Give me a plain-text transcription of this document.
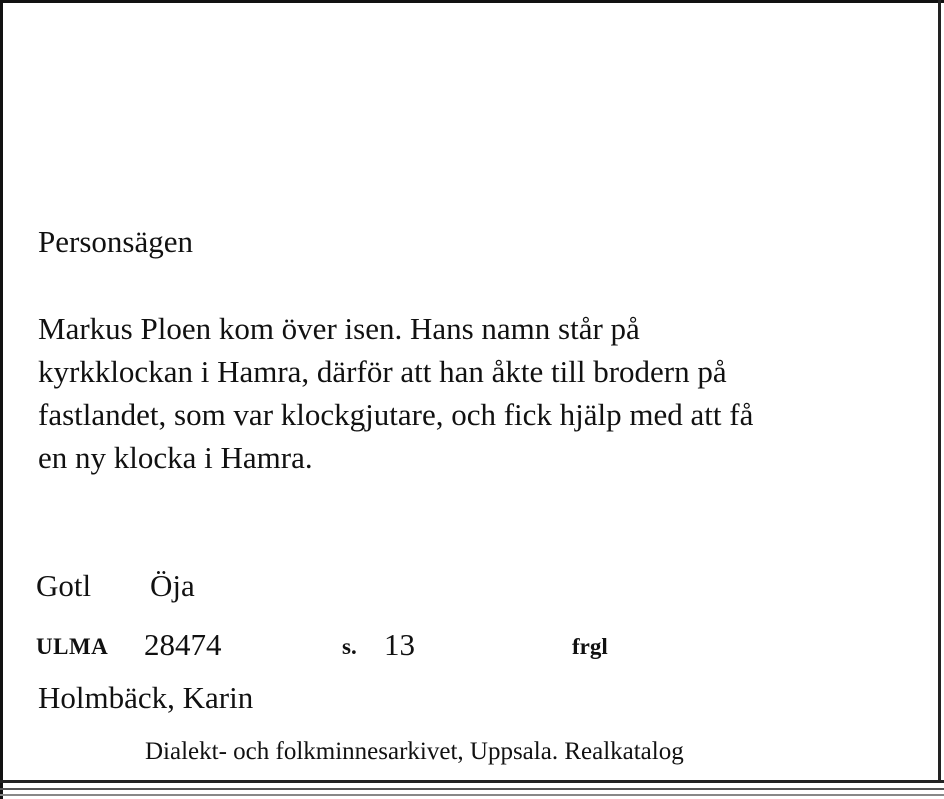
Personsägen
Markus Ploen kom över isen. Hans namn står på
kyrkklockan i Hamra, därför att han åkte till brodern på
fastlandet, som var klockgjutare, och fick hjälp med att få
en ny klocka i Hamra.
Gotl Öja
ULMA 28474	s. 13	frgl
Holmbäck, Karin
Dialekt- och folkminnesarkivet, Uppsala. Realkatalog
